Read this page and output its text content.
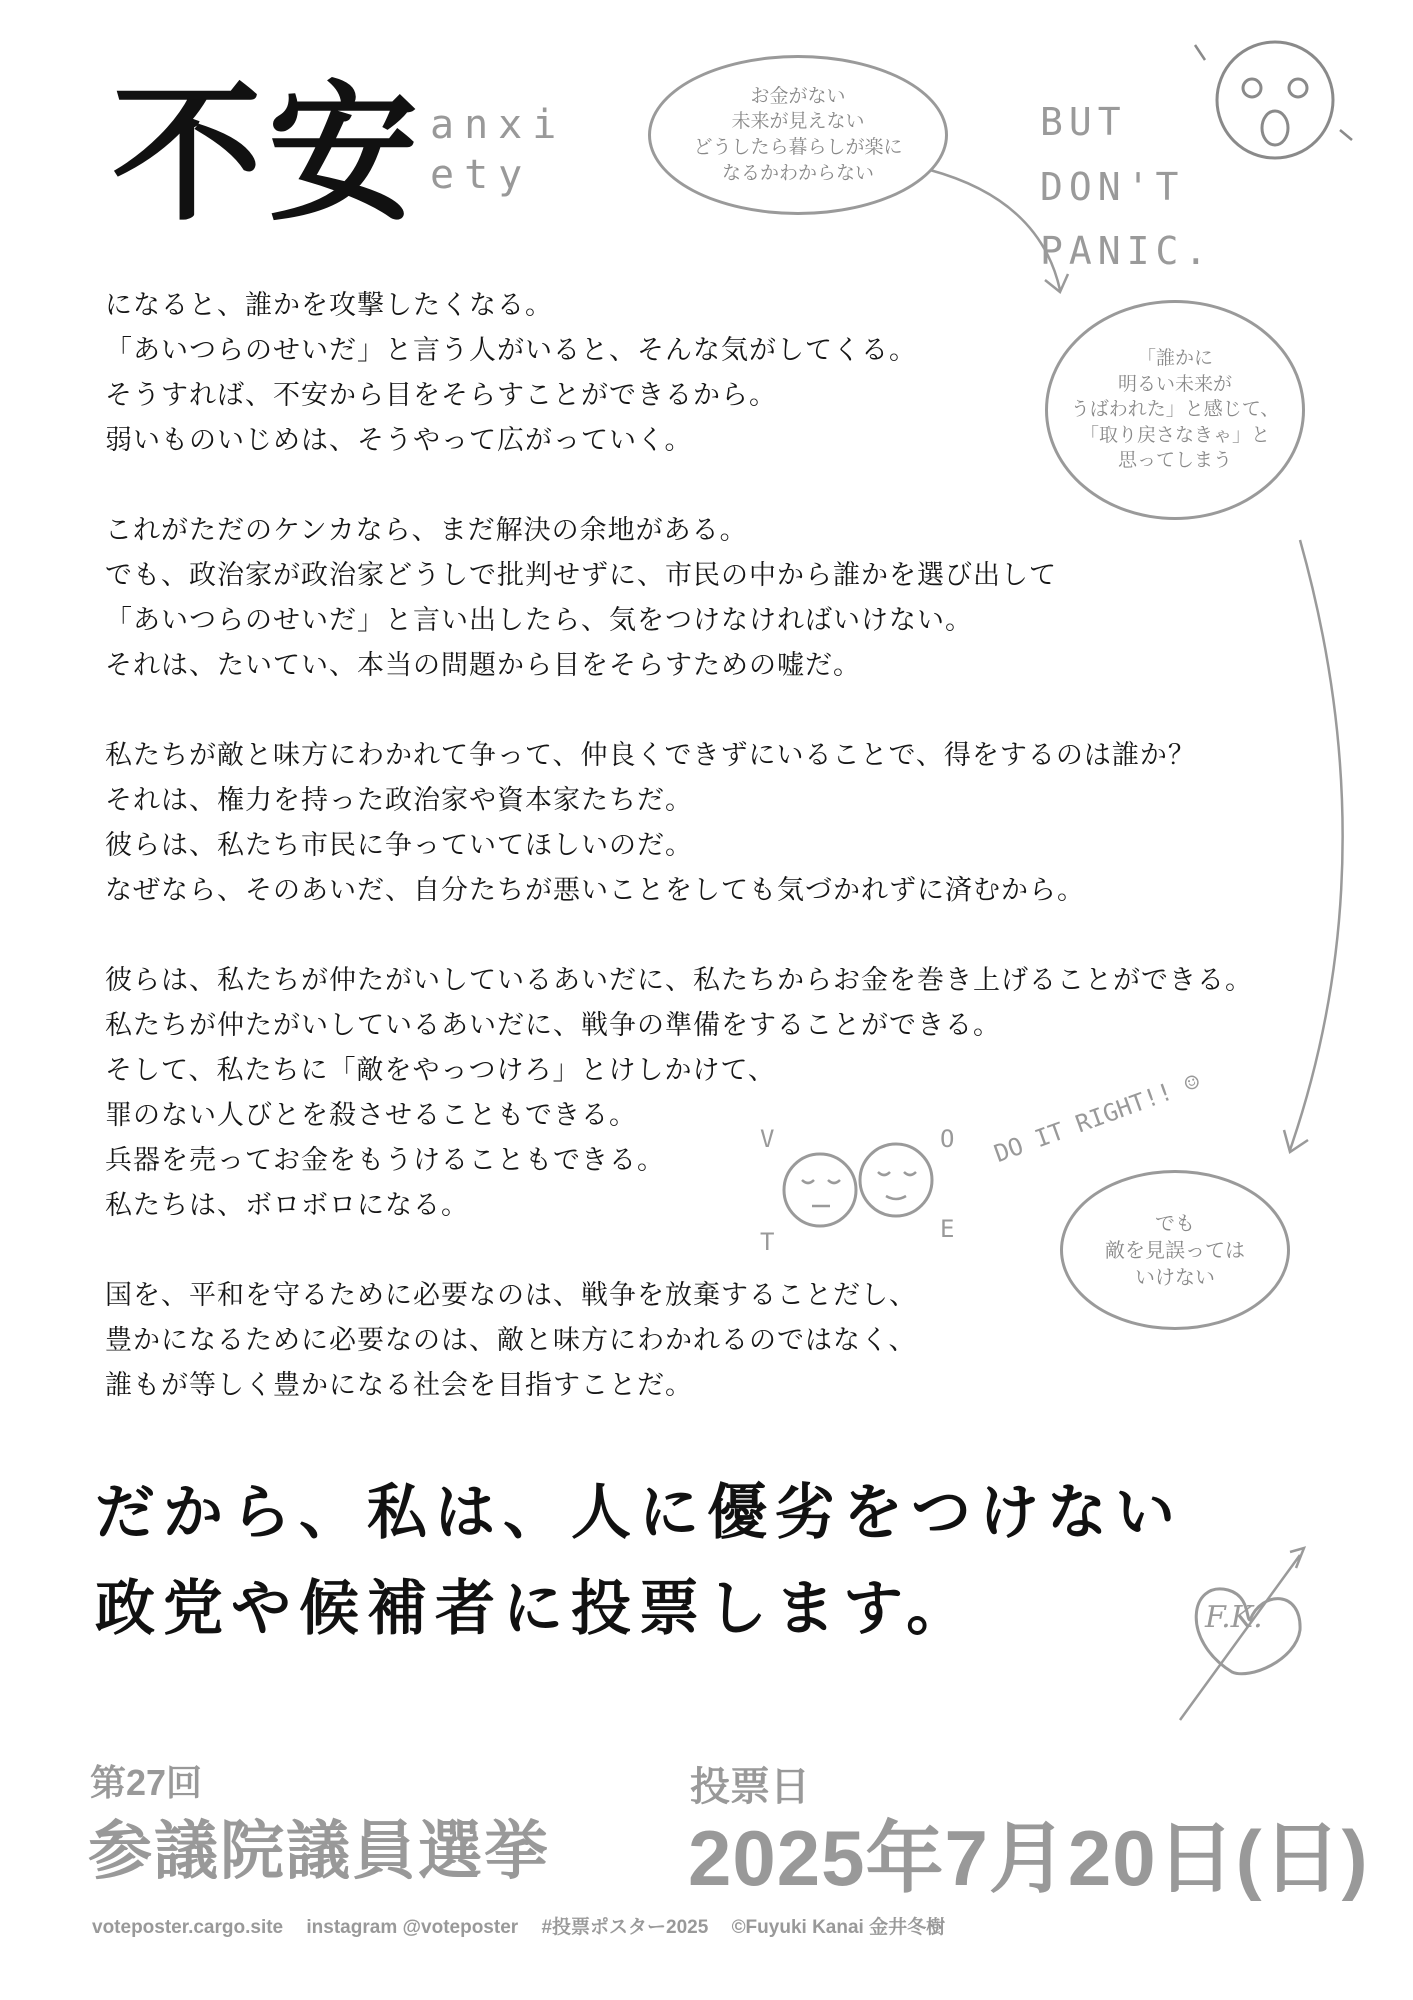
不安 anxi
ety
お金がない
未来が見えない
どうしたら暮らしが楽に
なるかわからない
BUT
DON'T
PANIC.
「誰かに
明るい未来が
うばわれた」と感じて、
「取り戻さなきゃ」と
思ってしまう
になると、誰かを攻撃したくなる。
「あいつらのせいだ」と言う人がいると、そんな気がしてくる。
そうすれば、不安から目をそらすことができるから。
弱いものいじめは、そうやって広がっていく。
これがただのケンカなら、まだ解決の余地がある。
でも、政治家が政治家どうしで批判せずに、市民の中から誰かを選び出して
「あいつらのせいだ」と言い出したら、気をつけなければいけない。
それは、たいてい、本当の問題から目をそらすための嘘だ。
私たちが敵と味方にわかれて争って、仲良くできずにいることで、得をするのは誰か？
それは、権力を持った政治家や資本家たちだ。
彼らは、私たち市民に争っていてほしいのだ。
なぜなら、そのあいだ、自分たちが悪いことをしても気づかれずに済むから。
彼らは、私たちが仲たがいしているあいだに、私たちからお金を巻き上げることができる。
私たちが仲たがいしているあいだに、戦争の準備をすることができる。
そして、私たちに「敵をやっつけろ」とけしかけて、
罪のない人びとを殺させることもできる。
兵器を売ってお金をもうけることもできる。
私たちは、ボロボロになる。
国を、平和を守るために必要なのは、戦争を放棄することだし、
豊かになるために必要なのは、敵と味方にわかれるのではなく、
誰もが等しく豊かになる社会を目指すことだ。
V	O
T	E
DO IT RIGHT!! ☺
でも
敵を見誤っては
いけない
だから、私は、人に優劣をつけない
政党や候補者に投票します。	F.K.
第27回
参議院議員選挙
投票日
2025年7月20日(日)
voteposter.cargo.site instagram @voteposter #投票ポスター2025 ©Fuyuki Kanai 金井冬樹
